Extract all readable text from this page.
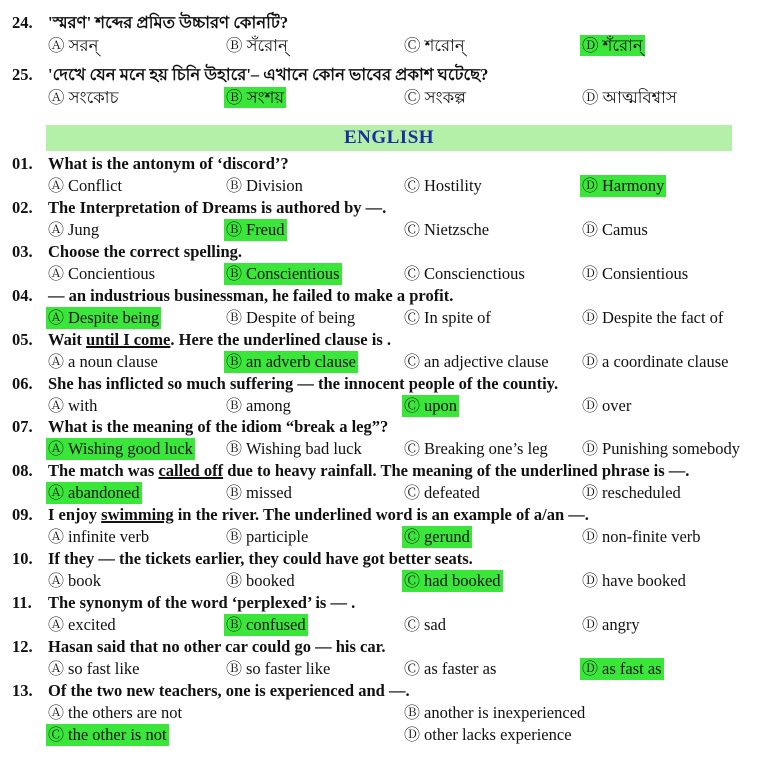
24. 'স্মরণ' শব্দের প্রমিত উচ্চারণ কোনটি?
Ⓐ সরন্	Ⓑ সঁরোন্	Ⓒ শরোন্	Ⓓ শঁরোন্
25. 'দেখে যেন মনে হয় চিনি উহারে'– এখানে কোন ভাবের প্রকাশ ঘটেছে?
Ⓐ সংকোচ	Ⓑ সংশয়	Ⓒ সংকল্প	Ⓓ আত্মবিশ্বাস
ENGLISH
01. What is the antonym of ‘discord’?
Ⓐ Conflict	Ⓑ Division	Ⓒ Hostility	Ⓓ Harmony
02. The Interpretation of Dreams is authored by ––.
Ⓐ Jung	Ⓑ Freud	Ⓒ Nietzsche	Ⓓ Camus
03. Choose the correct spelling.
Ⓐ Concientious	Ⓑ Conscientious	Ⓒ Conscienctious	Ⓓ Consientious
04. –– an industrious businessman, he failed to make a profit.
Ⓐ Despite being	Ⓑ Despite of being	Ⓒ In spite of	Ⓓ Despite the fact of
05. Wait until I come. Here the underlined clause is .
Ⓐ a noun clause	Ⓑ an adverb clause	Ⓒ an adjective clause Ⓓ a coordinate clause
06. She has inflicted so much suffering –– the innocent people of the countiy.
Ⓐ with	Ⓑ among	Ⓒ upon	Ⓓ over
07. What is the meaning of the idiom “break a leg”?
Ⓐ Wishing good luck Ⓑ Wishing bad luck	Ⓒ Breaking one’s leg Ⓓ Punishing somebody
08. The match was called off due to heavy rainfall. The meaning of the underlined phrase is ––.
Ⓐ abandoned	Ⓑ missed	Ⓒ defeated	Ⓓ rescheduled
09. I enjoy swimming in the river. The underlined word is an example of a/an ––.
Ⓐ infinite verb	Ⓑ participle	Ⓒ gerund	Ⓓ non-finite verb
10. If they –– the tickets earlier, they could have got better seats.
Ⓐ book	Ⓑ booked	Ⓒ had booked	Ⓓ have booked
11. The synonym of the word ‘perplexed’ is –– .
Ⓐ excited	Ⓑ confused	Ⓒ sad	Ⓓ angry
12. Hasan said that no other car could go –– his car.
Ⓐ so fast like	Ⓑ so faster like	Ⓒ as faster as	Ⓓ as fast as
13. Of the two new teachers, one is experienced and ––.
Ⓐ the others are not	Ⓑ another is inexperienced
Ⓒ the other is not	Ⓓ other lacks experience
